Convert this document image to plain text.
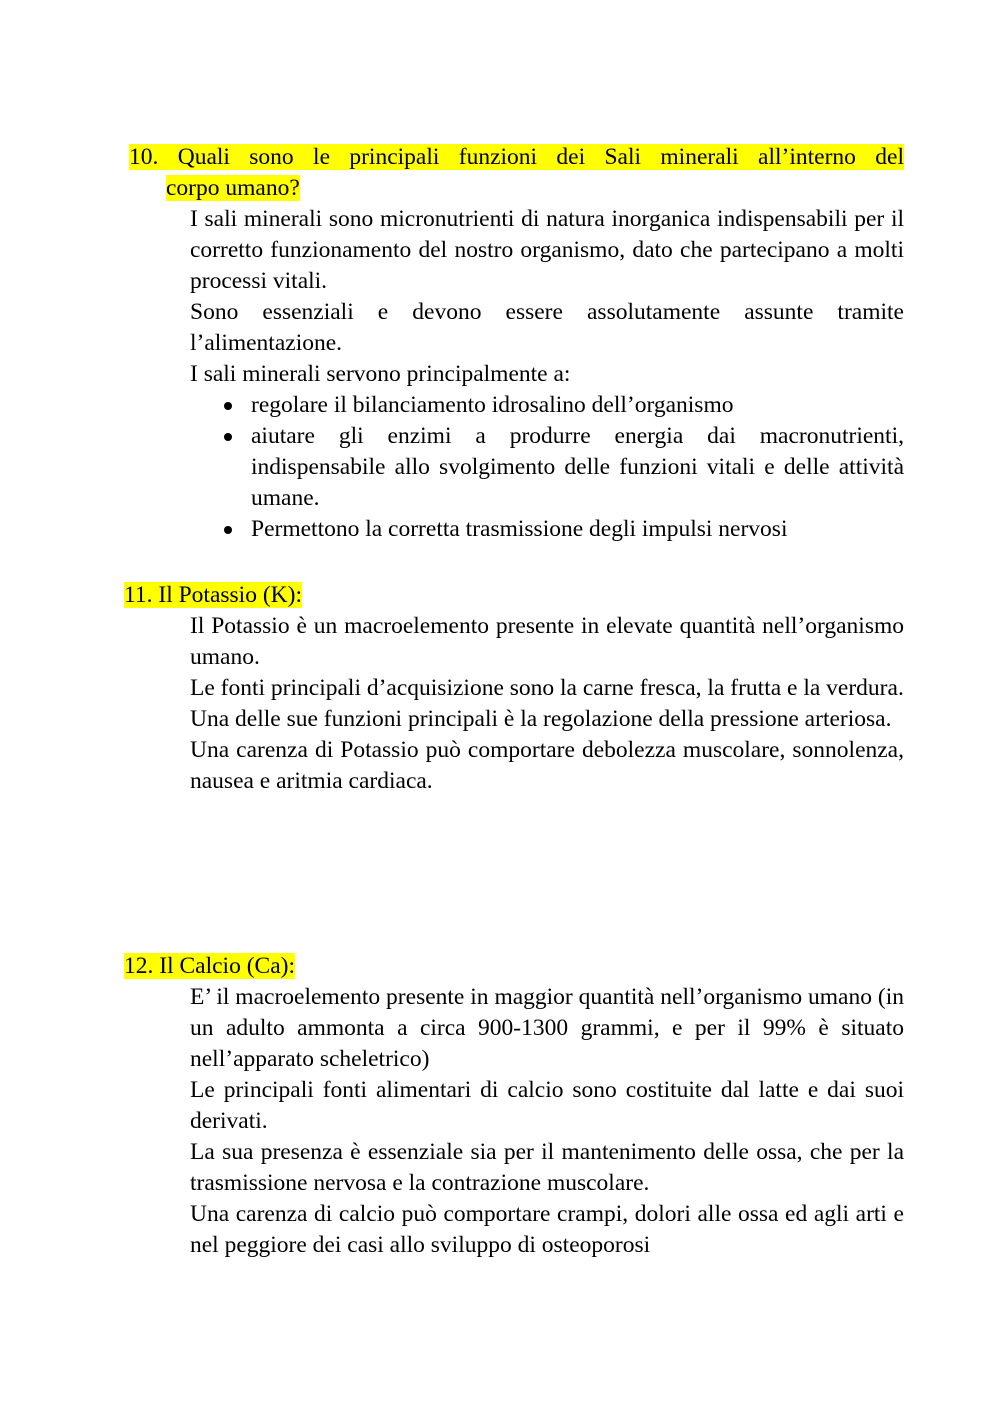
10. Quali sono le principali funzioni dei Sali minerali all’interno del
corpo umano?

I sali minerali sono micronutrienti di natura inorganica indispensabili per il corretto funzionamento del nostro organismo, dato che partecipano a molti processi vitali.

Sono essenziali e devono essere assolutamente assunte tramite l’alimentazione.

I sali minerali servono principalmente a:

regolare il bilanciamento idrosalino dell’organismo
aiutare gli enzimi a produrre energia dai macronutrienti, indispensabile allo svolgimento delle funzioni vitali e delle attività umane.
Permettono la corretta trasmissione degli impulsi nervosi
11. Il Potassio (K):

Il Potassio è un macroelemento presente in elevate quantità nell’organismo umano.

Le fonti principali d’acquisizione sono la carne fresca, la frutta e la verdura.

Una delle sue funzioni principali è la regolazione della pressione arteriosa.

Una carenza di Potassio può comportare debolezza muscolare, sonnolenza, nausea e aritmia cardiaca.

12. Il Calcio (Ca):

E’ il macroelemento presente in maggior quantità nell’organismo umano (in un adulto ammonta a circa 900-1300 grammi, e per il 99% è situato nell’apparato scheletrico)

Le principali fonti alimentari di calcio sono costituite dal latte e dai suoi derivati.

La sua presenza è essenziale sia per il mantenimento delle ossa, che per la trasmissione nervosa e la contrazione muscolare.

Una carenza di calcio può comportare crampi, dolori alle ossa ed agli arti e nel peggiore dei casi allo sviluppo di osteoporosi
